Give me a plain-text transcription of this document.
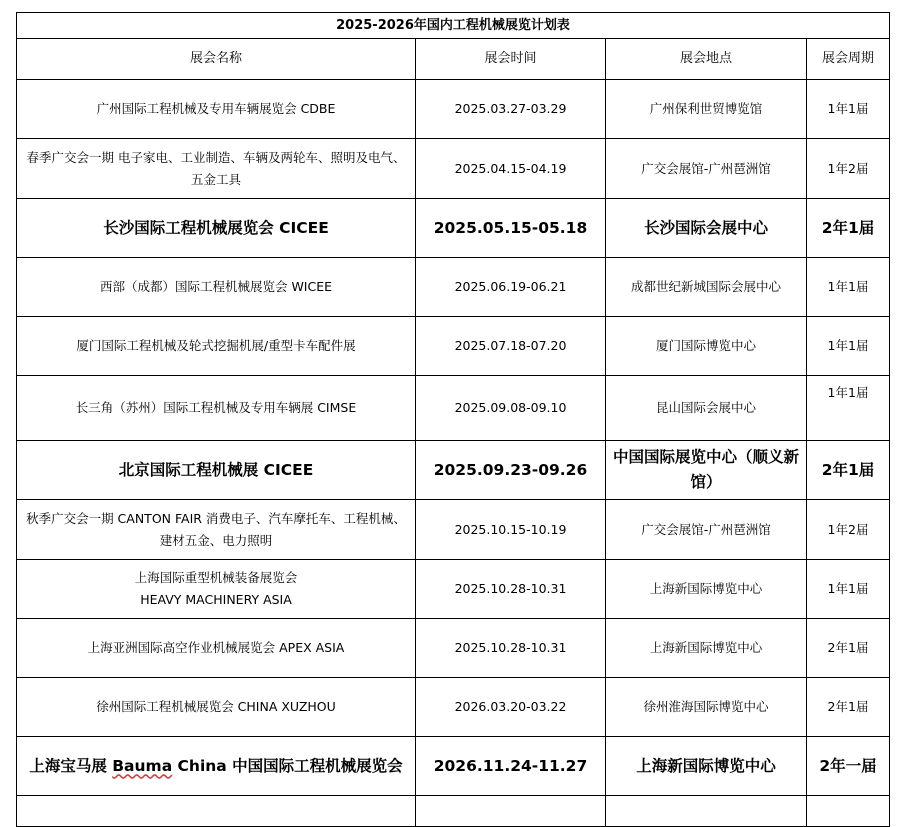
2025-2026年国内工程机械展览计划表			
展会名称	展会时间	展会地点	展会周期
广州国际工程机械及专用车辆展览会 CDBE	2025.03.27-03.29	广州保利世贸博览馆	1年1届
春季广交会一期 电子家电、工业制造、车辆及两轮车、照明及电气、五金工具	2025.04.15-04.19	广交会展馆-广州琶洲馆	1年2届
长沙国际工程机械展览会 CICEE	2025.05.15-05.18	长沙国际会展中心	2年1届
西部（成都）国际工程机械展览会 WICEE	2025.06.19-06.21	成都世纪新城国际会展中心	1年1届
厦门国际工程机械及轮式挖掘机展/重型卡车配件展	2025.07.18-07.20	厦门国际博览中心	1年1届
长三角（苏州）国际工程机械及专用车辆展 CIMSE	2025.09.08-09.10	昆山国际会展中心	1年1届
北京国际工程机械展 CICEE	2025.09.23-09.26	中国国际展览中心（顺义新馆）	2年1届
秋季广交会一期 CANTON FAIR 消费电子、汽车摩托车、工程机械、建材五金、电力照明	2025.10.15-10.19	广交会展馆-广州琶洲馆	1年2届
上海国际重型机械装备展览会
HEAVY MACHINERY ASIA	2025.10.28-10.31	上海新国际博览中心	1年1届
上海亚洲国际高空作业机械展览会 APEX ASIA	2025.10.28-10.31	上海新国际博览中心	2年1届
徐州国际工程机械展览会 CHINA XUZHOU	2026.03.20-03.22	徐州淮海国际博览中心	2年1届
上海宝马展 Bauma China 中国国际工程机械展览会	2026.11.24-11.27	上海新国际博览中心	2年一届
